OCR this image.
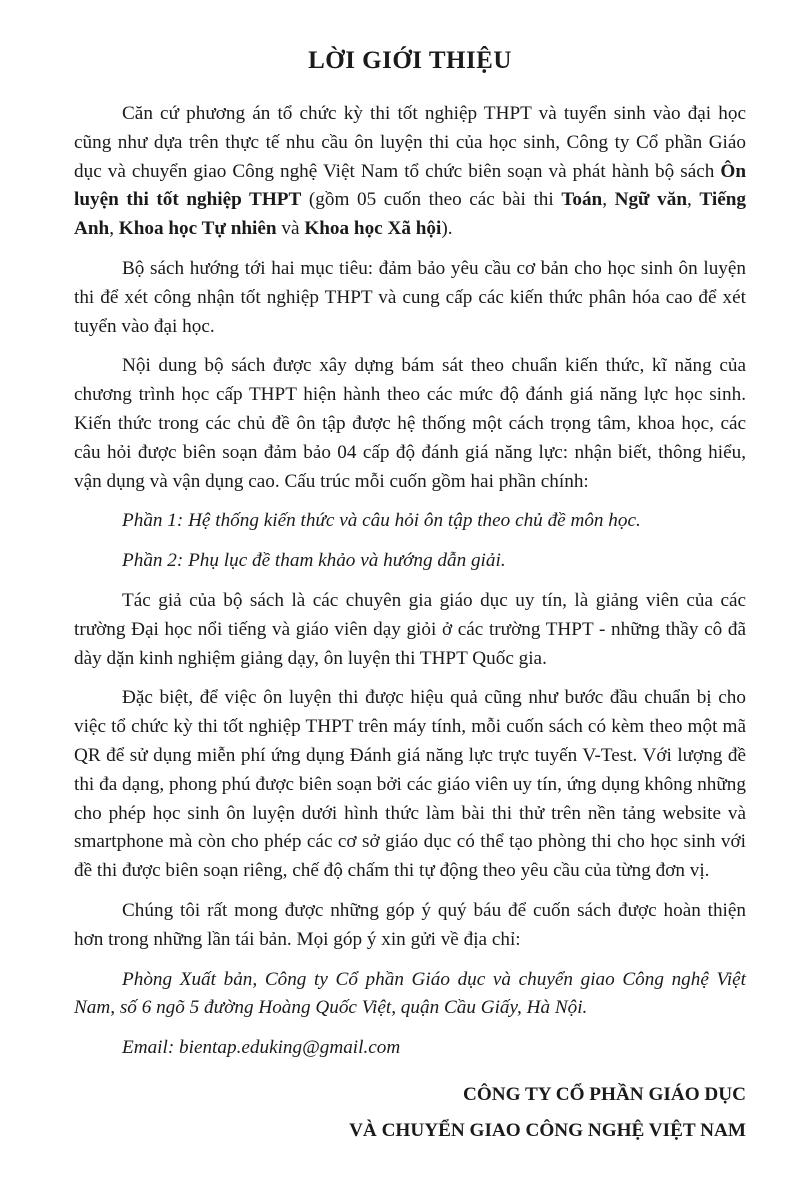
LỜI GIỚI THIỆU

Căn cứ phương án tổ chức kỳ thi tốt nghiệp THPT và tuyển sinh vào đại học cũng như dựa trên thực tế nhu cầu ôn luyện thi của học sinh, Công ty Cổ phần Giáo dục và chuyển giao Công nghệ Việt Nam tổ chức biên soạn và phát hành bộ sách Ôn luyện thi tốt nghiệp THPT (gồm 05 cuốn theo các bài thi Toán, Ngữ văn, Tiếng Anh, Khoa học Tự nhiên và Khoa học Xã hội).

Bộ sách hướng tới hai mục tiêu: đảm bảo yêu cầu cơ bản cho học sinh ôn luyện thi để xét công nhận tốt nghiệp THPT và cung cấp các kiến thức phân hóa cao để xét tuyển vào đại học.

Nội dung bộ sách được xây dựng bám sát theo chuẩn kiến thức, kĩ năng của chương trình học cấp THPT hiện hành theo các mức độ đánh giá năng lực học sinh. Kiến thức trong các chủ đề ôn tập được hệ thống một cách trọng tâm, khoa học, các câu hỏi được biên soạn đảm bảo 04 cấp độ đánh giá năng lực: nhận biết, thông hiểu, vận dụng và vận dụng cao. Cấu trúc mỗi cuốn gồm hai phần chính:

Phần 1: Hệ thống kiến thức và câu hỏi ôn tập theo chủ đề môn học.

Phần 2: Phụ lục đề tham khảo và hướng dẫn giải.

Tác giả của bộ sách là các chuyên gia giáo dục uy tín, là giảng viên của các trường Đại học nổi tiếng và giáo viên dạy giỏi ở các trường THPT - những thầy cô đã dày dặn kinh nghiệm giảng dạy, ôn luyện thi THPT Quốc gia.

Đặc biệt, để việc ôn luyện thi được hiệu quả cũng như bước đầu chuẩn bị cho việc tổ chức kỳ thi tốt nghiệp THPT trên máy tính, mỗi cuốn sách có kèm theo một mã QR để sử dụng miễn phí ứng dụng Đánh giá năng lực trực tuyến V-Test. Với lượng đề thi đa dạng, phong phú được biên soạn bởi các giáo viên uy tín, ứng dụng không những cho phép học sinh ôn luyện dưới hình thức làm bài thi thử trên nền tảng website và smartphone mà còn cho phép các cơ sở giáo dục có thể tạo phòng thi cho học sinh với đề thi được biên soạn riêng, chế độ chấm thi tự động theo yêu cầu của từng đơn vị.

Chúng tôi rất mong được những góp ý quý báu để cuốn sách được hoàn thiện hơn trong những lần tái bản. Mọi góp ý xin gửi về địa chỉ:

Phòng Xuất bản, Công ty Cổ phần Giáo dục và chuyển giao Công nghệ Việt Nam, số 6 ngõ 5 đường Hoàng Quốc Việt, quận Cầu Giấy, Hà Nội.

Email: bientap.eduking@gmail.com

CÔNG TY CỔ PHẦN GIÁO DỤC
VÀ CHUYỂN GIAO CÔNG NGHỆ VIỆT NAM
